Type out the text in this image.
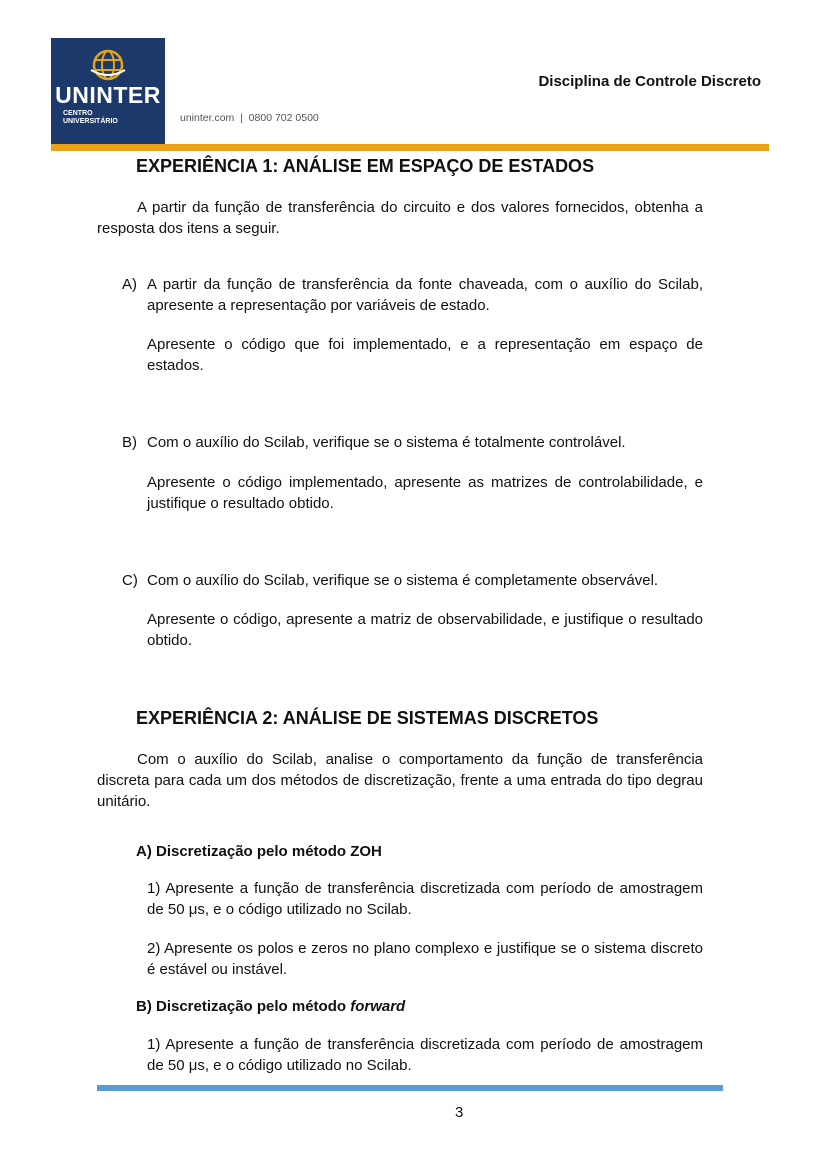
UNINTER
CENTRO
UNIVERSITÁRIO	uninter.com  |  0800 702 0500
Disciplina de Controle Discreto
EXPERIÊNCIA 1: ANÁLISE EM ESPAÇO DE ESTADOS
A partir da função de transferência do circuito e dos valores fornecidos, obtenha a resposta dos itens a seguir.
A) A partir da função de transferência da fonte chaveada, com o auxílio do Scilab, apresente a representação por variáveis de estado.
Apresente o código que foi implementado, e a representação em espaço de estados.
B) Com o auxílio do Scilab, verifique se o sistema é totalmente controlável.
Apresente o código implementado, apresente as matrizes de controlabilidade, e justifique o resultado obtido.
C) Com o auxílio do Scilab, verifique se o sistema é completamente observável.
Apresente o código, apresente a matriz de observabilidade, e justifique o resultado obtido.
EXPERIÊNCIA 2: ANÁLISE DE SISTEMAS DISCRETOS
Com o auxílio do Scilab, analise o comportamento da função de transferência discreta para cada um dos métodos de discretização, frente a uma entrada do tipo degrau unitário.
A) Discretização pelo método ZOH
1) Apresente a função de transferência discretizada com período de amostragem de 50 μs, e o código utilizado no Scilab.
2) Apresente os polos e zeros no plano complexo e justifique se o sistema discreto é estável ou instável.
B) Discretização pelo método forward
1) Apresente a função de transferência discretizada com período de amostragem de 50 μs, e o código utilizado no Scilab.
3
